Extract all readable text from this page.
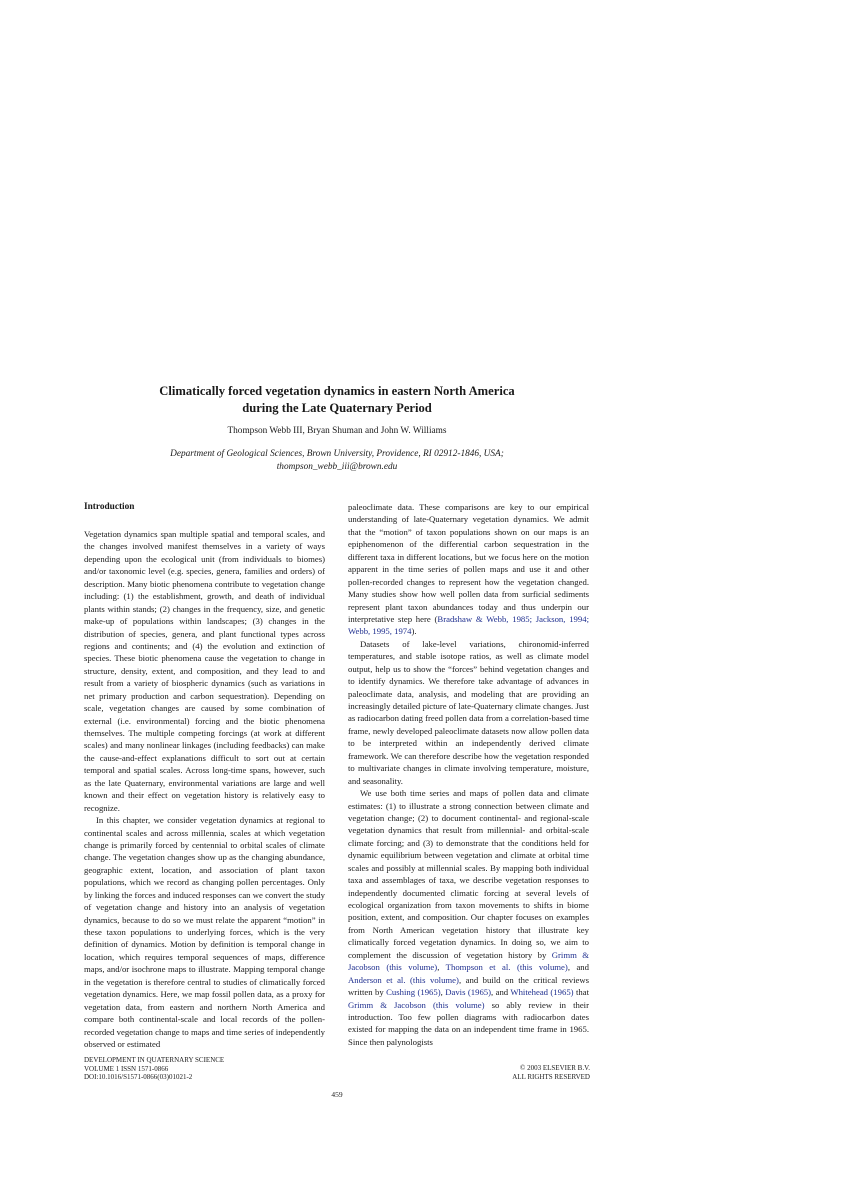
Climatically forced vegetation dynamics in eastern North America
during the Late Quaternary Period
Thompson Webb III, Bryan Shuman and John W. Williams
Department of Geological Sciences, Brown University, Providence, RI 02912-1846, USA;
thompson_webb_iii@brown.edu
Introduction

Vegetation dynamics span multiple spatial and temporal scales, and the changes involved manifest themselves in a variety of ways depending upon the ecological unit (from individuals to biomes) and/or taxonomic level (e.g. species, genera, families and orders) of description. Many biotic phenomena contribute to vegetation change including: (1) the establishment, growth, and death of individual plants within stands; (2) changes in the frequency, size, and genetic make-up of populations within landscapes; (3) changes in the distribution of species, genera, and plant functional types across regions and continents; and (4) the evolution and extinction of species. These biotic phenomena cause the vegetation to change in structure, density, extent, and composition, and they lead to and result from a variety of biospheric dynamics (such as variations in net primary production and carbon sequestration). Depending on scale, vegetation changes are caused by some combination of external (i.e. environmental) forcing and the biotic phenomena themselves. The multiple competing forcings (at work at different scales) and many nonlinear linkages (including feedbacks) can make the cause-and-effect explanations difficult to sort out at certain temporal and spatial scales. Across long-time spans, however, such as the late Quaternary, environmental variations are large and well known and their effect on vegetation history is relatively easy to recognize.

In this chapter, we consider vegetation dynamics at regional to continental scales and across millennia, scales at which vegetation change is primarily forced by centennial to orbital scales of climate change. The vegetation changes show up as the changing abundance, geographic extent, location, and association of plant taxon populations, which we record as changing pollen percentages. Only by linking the forces and induced responses can we convert the study of vegetation change and history into an analysis of vegetation dynamics, because to do so we must relate the apparent “motion” in these taxon populations to underlying forces, which is the very definition of dynamics. Motion by definition is temporal change in location, which requires temporal sequences of maps, difference maps, and/or isochrone maps to illustrate. Mapping temporal change in the vegetation is therefore central to studies of climatically forced vegetation dynamics. Here, we map fossil pollen data, as a proxy for vegetation data, from eastern and northern North America and compare both continental-scale and local records of the pollen-recorded vegetation change to maps and time series of independently observed or estimated

paleoclimate data. These comparisons are key to our empirical understanding of late-Quaternary vegetation dynamics. We admit that the “motion” of taxon populations shown on our maps is an epiphenomenon of the differential carbon sequestration in the different taxa in different locations, but we focus here on the motion apparent in the time series of pollen maps and use it and other pollen-recorded changes to represent how the vegetation changed. Many studies show how well pollen data from surficial sediments represent plant taxon abundances today and thus underpin our interpretative step here (Bradshaw & Webb, 1985; Jackson, 1994; Webb, 1995, 1974).

Datasets of lake-level variations, chironomid-inferred temperatures, and stable isotope ratios, as well as climate model output, help us to show the “forces” behind vegetation changes and to identify dynamics. We therefore take advantage of advances in paleoclimate data, analysis, and modeling that are providing an increasingly detailed picture of late-Quaternary climate changes. Just as radiocarbon dating freed pollen data from a correlation-based time frame, newly developed paleoclimate datasets now allow pollen data to be interpreted within an independently derived climate framework. We can therefore describe how the vegetation responded to multivariate changes in climate involving temperature, moisture, and seasonality.

We use both time series and maps of pollen data and climate estimates: (1) to illustrate a strong connection between climate and vegetation change; (2) to document continental- and regional-scale vegetation dynamics that result from millennial- and orbital-scale climate forcing; and (3) to demonstrate that the conditions held for dynamic equilibrium between vegetation and climate at orbital time scales and possibly at millennial scales. By mapping both individual taxa and assemblages of taxa, we describe vegetation responses to independently documented climatic forcing at several levels of ecological organization from taxon movements to shifts in biome position, extent, and composition. Our chapter focuses on examples from North American vegetation history that illustrate key climatically forced vegetation dynamics. In doing so, we aim to complement the discussion of vegetation history by Grimm & Jacobson (this volume), Thompson et al. (this volume), and Anderson et al. (this volume), and build on the critical reviews written by Cushing (1965), Davis (1965), and Whitehead (1965) that Grimm & Jacobson (this volume) so ably review in their introduction. Too few pollen diagrams with radiocarbon dates existed for mapping the data on an independent time frame in 1965. Since then palynologists

DEVELOPMENT IN QUATERNARY SCIENCE
VOLUME 1 ISSN 1571-0866
DOI:10.1016/S1571-0866(03)01021-2
© 2003 ELSEVIER B.V.
ALL RIGHTS RESERVED
459
